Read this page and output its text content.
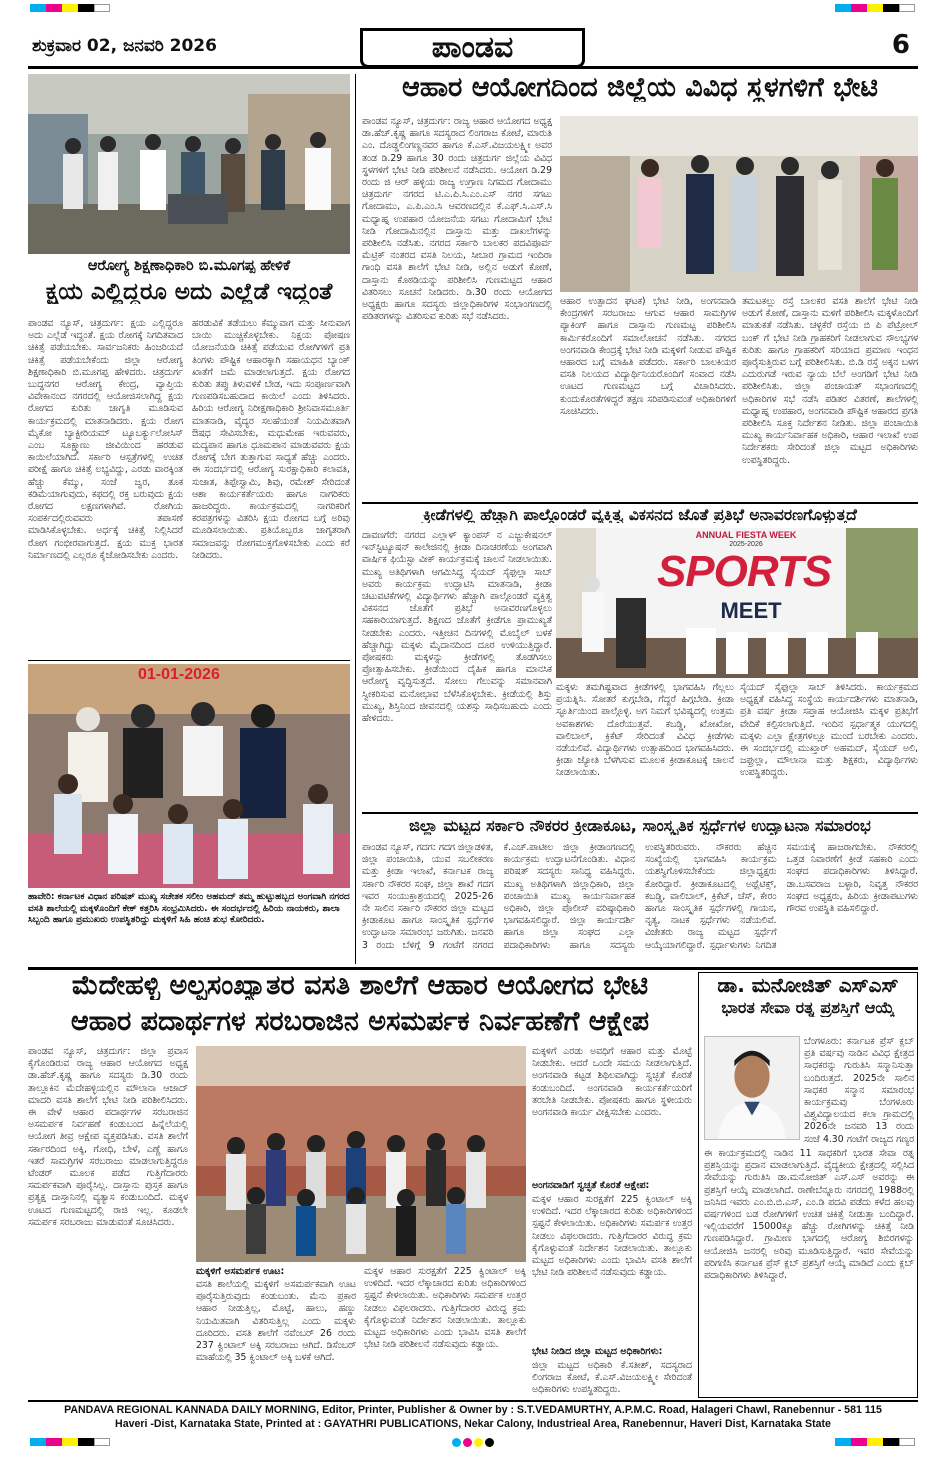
ಶುಕ್ರವಾರ 02, ಜನವರಿ 2026	ಪಾಂಡವ	6
ಆರೋಗ್ಯ ಶಿಕ್ಷಣಾಧಿಕಾರಿ ಬಿ.ಮೂಗಪ್ಪ ಹೇಳಿಕೆ
ಕ್ಷಯ ಎಲ್ಲಿದ್ದರೂ ಅದು ಎಲ್ಲೆಡೆ ಇದ್ದಂತೆ
ಪಾಂಡವ ನ್ಯೂಸ್, ಚಿತ್ರದುರ್ಗ: ಕ್ಷಯ ಎಲ್ಲಿದ್ದರೂ ಅದು ಎಲ್ಲೆಡೆ ಇದ್ದಂತೆ. ಕ್ಷಯ ರೋಗಕ್ಕೆ ನಿಗದಿತವಾದ ಚಿಕಿತ್ಸೆ ಪಡೆಯಬೇಕು. ಸಾರ್ವಜನಿಕರು ಹಿಂಜರಿಯದೆ ಚಿಕಿತ್ಸೆ ಪಡೆಯಬೇಕೆಂದು ಜಿಲ್ಲಾ ಆರೋಗ್ಯ ಶಿಕ್ಷಣಾಧಿಕಾರಿ ಬಿ.ಮೂಗಪ್ಪ ಹೇಳಿದರು. ಚಿತ್ರದುರ್ಗ ಬುದ್ಧನಗರ ಆರೋಗ್ಯ ಕೇಂದ್ರ, ವ್ಯಾಪ್ತಿಯ ವಿವೇಕಾನಂದ ನಗರದಲ್ಲಿ ಆಯೋಜಿಸಲಾಗಿದ್ದ ಕ್ಷಯ ರೋಗದ ಕುರಿತು ಜಾಗೃತಿ ಮೂಡಿಸುವ ಕಾರ್ಯಕ್ರಮದಲ್ಲಿ ಮಾತನಾಡಿದರು. ಕ್ಷಯ ರೋಗ ಮೈಕೋ ಬ್ಯಾಕ್ಟೀರಿಯಮ್ ಟ್ಯೂಬರ್ಕ್ಯುಲೋಸಿಸ್ ಎಂಬ ಸೂಕ್ಷ್ಮಾಣು ಜೀವಿಯಿಂದ ಹರಡುವ ಕಾಯಿಲೆಯಾಗಿದೆ. ಸರ್ಕಾರಿ ಆಸ್ಪತ್ರೆಗಳಲ್ಲಿ ಉಚಿತ ಪರೀಕ್ಷೆ ಹಾಗೂ ಚಿಕಿತ್ಸೆ ಲಭ್ಯವಿದ್ದು, ಎರಡು ವಾರಕ್ಕಿಂತ ಹೆಚ್ಚು ಕೆಮ್ಮು, ಸಂಜೆ ಜ್ವರ, ತೂಕ ಕಡಿಮೆಯಾಗುವುದು, ಕಫದಲ್ಲಿ ರಕ್ತ ಬರುವುದು ಕ್ಷಯ ರೋಗದ ಲಕ್ಷಣಗಳಾಗಿವೆ. ರೋಗಿಯ ಸಂಪರ್ಕದಲ್ಲಿರುವವರು ತಪಾಸಣೆ ಮಾಡಿಸಿಕೊಳ್ಳಬೇಕು. ಅರ್ಧಕ್ಕೆ ಚಿಕಿತ್ಸೆ ನಿಲ್ಲಿಸಿದರೆ ರೋಗ ಗಂಭೀರವಾಗುತ್ತದೆ. ಕ್ಷಯ ಮುಕ್ತ ಭಾರತ ನಿರ್ಮಾಣದಲ್ಲಿ ಎಲ್ಲರೂ ಕೈಜೋಡಿಸಬೇಕು ಎಂದರು.
ಹರಡುವಿಕೆ ತಡೆಯಲು ಕೆಮ್ಮುವಾಗ ಮತ್ತು ಸೀನುವಾಗ ಬಾಯಿ ಮುಚ್ಚಿಕೊಳ್ಳಬೇಕು. ನಿಕ್ಷಯ ಪೋಷಣ ಯೋಜನೆಯಡಿ ಚಿಕಿತ್ಸೆ ಪಡೆಯುವ ರೋಗಿಗಳಿಗೆ ಪ್ರತಿ ತಿಂಗಳು ಪೌಷ್ಟಿಕ ಆಹಾರಕ್ಕಾಗಿ ಸಹಾಯಧನ ಬ್ಯಾಂಕ್ ಖಾತೆಗೆ ಜಮೆ ಮಾಡಲಾಗುತ್ತದೆ. ಕ್ಷಯ ರೋಗದ ಕುರಿತು ತಪ್ಪು ತಿಳುವಳಿಕೆ ಬೇಡ, ಇದು ಸಂಪೂರ್ಣವಾಗಿ ಗುಣಪಡಿಸಬಹುದಾದ ಕಾಯಿಲೆ ಎಂದು ತಿಳಿಸಿದರು. ಹಿರಿಯ ಆರೋಗ್ಯ ನಿರೀಕ್ಷಣಾಧಿಕಾರಿ ಶ್ರೀನಿವಾಸಮೂರ್ತಿ ಮಾತನಾಡಿ, ವೈದ್ಯರ ಸಲಹೆಯಂತೆ ನಿಯಮಿತವಾಗಿ ಔಷಧ ಸೇವಿಸಬೇಕು, ಮಧುಮೇಹ ಇರುವವರು, ಮದ್ಯಪಾನ ಹಾಗೂ ಧೂಮಪಾನ ಮಾಡುವವರು ಕ್ಷಯ ರೋಗಕ್ಕೆ ಬೇಗ ತುತ್ತಾಗುವ ಸಾಧ್ಯತೆ ಹೆಚ್ಚು ಎಂದರು. ಈ ಸಂದರ್ಭದಲ್ಲಿ ಆರೋಗ್ಯ ಸುರಕ್ಷಾಧಿಕಾರಿ ಕಲಾವತಿ, ಸುಜಾತ, ತಿಪ್ಪೇಸ್ವಾಮಿ, ಶಿವು, ರಮೇಶ್ ಸೇರಿದಂತೆ ಆಶಾ ಕಾರ್ಯಕರ್ತೆಯರು ಹಾಗೂ ನಾಗರಿಕರು ಹಾಜರಿದ್ದರು. ಕಾರ್ಯಕ್ರಮದಲ್ಲಿ ನಾಗರಿಕರಿಗೆ ಕರಪತ್ರಗಳನ್ನು ವಿತರಿಸಿ ಕ್ಷಯ ರೋಗದ ಬಗ್ಗೆ ಅರಿವು ಮೂಡಿಸಲಾಯಿತು. ಪ್ರತಿಯೊಬ್ಬರೂ ಜಾಗೃತರಾಗಿ ಸಮಾಜವನ್ನು ರೋಗಮುಕ್ತಗೊಳಿಸಬೇಕು ಎಂದು ಕರೆ ನೀಡಿದರು.
ಆಹಾರ ಆಯೋಗದಿಂದ ಜಿಲ್ಲೆಯ ವಿವಿಧ ಸ್ಥಳಗಳಿಗೆ ಭೇಟಿ
ಪಾಂಡವ ನ್ಯೂಸ್, ಚಿತ್ರದುರ್ಗ: ರಾಜ್ಯ ಆಹಾರ ಆಯೋಗದ ಅಧ್ಯಕ್ಷ ಡಾ.ಹೆಚ್.ಕೃಷ್ಣ ಹಾಗೂ ಸದಸ್ಯರಾದ ಲಿಂಗರಾಜ ಕೋಟೆ, ಮಾರುತಿ ಎಂ. ದೊಡ್ಡಲಿಂಗಣ್ಣನವರ ಹಾಗೂ ಕೆ.ಎಸ್.ವಿಜಯಲಕ್ಷ್ಮೀ ಅವರ ತಂಡ ಡಿ.29 ಹಾಗೂ 30 ರಂದು ಚಿತ್ರದುರ್ಗ ಜಿಲ್ಲೆಯ ವಿವಿಧ ಸ್ಥಳಗಳಿಗೆ ಭೇಟಿ ನೀಡಿ ಪರಿಶೀಲನೆ ನಡೆಸಿದರು. ಆಯೋಗ ಡಿ.29 ರಂದು ಜಿ ಆರ್ ಹಳ್ಳಿಯ ರಾಜ್ಯ ಉಗ್ರಾಣ ನಿಗಮದ ಗೋದಾಮು ಚಿತ್ರದುರ್ಗ ನಗರದ ಟಿ.ಎ.ಪಿ.ಸಿ.ಎಂ.ಎಸ್ ನಗರ ಸಗಟು ಗೋದಾಮು, ಎ.ಪಿ.ಎಂ.ಸಿ ಆವರಣದಲ್ಲಿನ ಕೆ.ಎಫ್.ಸಿ.ಎಸ್.ಸಿ ಮಧ್ಯಾಹ್ನ ಉಪಹಾರ ಯೋಜನೆಯ ಸಗಟು ಗೋದಾಮಿಗೆ ಭೇಟಿ ನೀಡಿ ಗೋದಾಮಿನಲ್ಲಿನ ದಾಸ್ತಾನು ಮತ್ತು ದಾಖಲೆಗಳನ್ನು ಪರಿಶೀಲಿಸಿ ನಡೆಸಿತು. ನಗರದ ಸರ್ಕಾರಿ ಬಾಲಕರ ಪದವಿಪೂರ್ವ ಮೆಟ್ರಿಕ್ ನಂತರದ ವಸತಿ ನಿಲಯ, ಸೀಬಾರ ಗ್ರಾಮದ ಇಂದಿರಾ ಗಾಂಧಿ ವಸತಿ ಶಾಲೆಗೆ ಭೇಟಿ ನೀಡಿ, ಅಲ್ಲಿನ ಅಡುಗೆ ಕೋಣೆ, ದಾಸ್ತಾನು ಕೊಠಡಿಯನ್ನು ಪರಿಶೀಲಿಸಿ ಗುಣಮಟ್ಟದ ಆಹಾರ ವಿತರಿಸಲು ಸೂಚನೆ ನೀಡಿದರು. ಡಿ.30 ರಂದು ಆಯೋಗದ ಅಧ್ಯಕ್ಷರು ಹಾಗೂ ಸದಸ್ಯರು ಜಿಲ್ಲಾಧಿಕಾರಿಗಳ ಸಂಭಾಂಗಣದಲ್ಲಿ ಪಡಿತರಗಳನ್ನು ವಿತರಿಸುವ ಕುರಿತು ಸಭೆ ನಡೆಸಿದರು.
ಆಹಾರ ಉತ್ಪಾದನ ಘಟಕ) ಭೇಟಿ ನೀಡಿ, ಅಂಗನವಾಡಿ ಕೇಂದ್ರಗಳಿಗೆ ಸರಬರಾಜು ಆಗುವ ಆಹಾರ ಸಾಮಗ್ರಿಗಳ ಪ್ಯಾಕಿಂಗ್ ಹಾಗೂ ದಾಸ್ತಾನು ಗುಣಮಟ್ಟ ಪರಿಶೀಲಿಸಿ ಕಾರ್ಮಿಕರೊಂದಿಗೆ ಸಮಾಲೋಚನೆ ನಡೆಸಿತು. ನಗರದ ಅಂಗನವಾಡಿ ಕೇಂದ್ರಕ್ಕೆ ಭೇಟಿ ನೀಡಿ ಮಕ್ಕಳಿಗೆ ನೀಡುವ ಪೌಷ್ಟಿಕ ಆಹಾರದ ಬಗ್ಗೆ ಮಾಹಿತಿ ಪಡೆದರು. ಸರ್ಕಾರಿ ಬಾಲಕಿಯರ ವಸತಿ ನಿಲಯದ ವಿದ್ಯಾರ್ಥಿನಿಯರೊಂದಿಗೆ ಸಂವಾದ ನಡೆಸಿ ಊಟದ ಗುಣಮಟ್ಟದ ಬಗ್ಗೆ ವಿಚಾರಿಸಿದರು. ಕುಂದುಕೊರತೆಗಳಿದ್ದರೆ ತಕ್ಷಣ ಸರಿಪಡಿಸುವಂತೆ ಅಧಿಕಾರಿಗಳಿಗೆ ಸೂಚಿಸಿದರು.
ತಮಟಕಲ್ಲು ರಸ್ತೆ ಬಾಲಕರ ವಸತಿ ಶಾಲೆಗೆ ಭೇಟಿ ನೀಡಿ ಅಡುಗೆ ಕೋಣೆ, ದಾಸ್ತಾನು ಮಳಿಗೆ ಪರಿಶೀಲಿಸಿ ಮಕ್ಕಳೊಂದಿಗೆ ಮಾತುಕತೆ ನಡೆಸಿತು. ಚಳ್ಳಕೆರೆ ರಸ್ತೆಯ ಬಿ ಪಿ ಪೆಟ್ರೋಲ್ ಬಂಕ್ ಗೆ ಭೇಟಿ ನೀಡಿ ಗ್ರಾಹಕರಿಗೆ ನೀಡಲಾಗುವ ಸೌಲಭ್ಯಗಳ ಕುರಿತು ಹಾಗೂ ಗ್ರಾಹಕರಿಗೆ ಸರಿಯಾದ ಪ್ರಮಾಣ ಇಂಧನ ಪೂರೈಸುತ್ತಿರುವ ಬಗ್ಗೆ ಪರಿಶೀಲಿಸಿತು. ಬಿ.ಡಿ ರಸ್ತೆ ಅಕ್ಕನ ಬಳಗ ಎದುರುಗಡೆ ಇರುವ ನ್ಯಾಯ ಬೆಲೆ ಅಂಗಡಿಗೆ ಭೇಟಿ ನೀಡಿ ಪರಿಶೀಲಿಸಿತು. ಜಿಲ್ಲಾ ಪಂಚಾಯತ್ ಸಭಾಂಗಣದಲ್ಲಿ ಅಧಿಕಾರಿಗಳ ಸಭೆ ನಡೆಸಿ ಪಡಿತರ ವಿತರಣೆ, ಶಾಲೆಗಳಲ್ಲಿ ಮಧ್ಯಾಹ್ನ ಉಪಹಾರ, ಅಂಗನವಾಡಿ ಪೌಷ್ಟಿಕ ಆಹಾರದ ಪ್ರಗತಿ ಪರಿಶೀಲಿಸಿ ಸೂಕ್ತ ನಿರ್ದೇಶನ ನೀಡಿತು. ಜಿಲ್ಲಾ ಪಂಚಾಯಿತಿ ಮುಖ್ಯ ಕಾರ್ಯನಿರ್ವಾಹಕ ಅಧಿಕಾರಿ, ಆಹಾರ ಇಲಾಖೆ ಉಪ ನಿರ್ದೇಶಕರು ಸೇರಿದಂತೆ ಜಿಲ್ಲಾ ಮಟ್ಟದ ಅಧಿಕಾರಿಗಳು ಉಪಸ್ಥಿತರಿದ್ದರು.
ಕ್ರೀಡೆಗಳಲ್ಲಿ ಹೆಚ್ಚಾಗಿ ಪಾಲ್ಗೊಂಡರೆ ವ್ಯಕ್ತಿತ್ವ ವಿಕಸನದ ಜೊತೆ ಪ್ರತಿಭೆ ಅನಾವರಣಗೊಳ್ಳುತ್ತದೆ
ದಾವಣಗೆರೆ: ನಗರದ ಎಲ್ಲಾಳ್ ಕ್ಯಾಂಪಸ್ ನ ಎಜ್ಜುಕೇಷನಲ್ ಇನ್‌ಸ್ಟಿಟ್ಯೂಷನ್ ಕಾಲೇಜಿನಲ್ಲಿ ಕ್ರೀಡಾ ದಿನಾಚರಣೆಯ ಅಂಗವಾಗಿ ವಾರ್ಷಿಕ ಫಿಯೆಸ್ಟಾ ವೀಕ್ ಕಾರ್ಯಕ್ರಮಕ್ಕೆ ಚಾಲನೆ ನೀಡಲಾಯಿತು. ಮುಖ್ಯ ಅತಿಥಿಗಳಾಗಿ ಆಗಮಿಸಿದ್ದ ಸೈಯದ್ ಸೈಫುಲ್ಲಾ ಸಾಬ್ ಅವರು ಕಾರ್ಯಕ್ರಮ ಉದ್ಘಾಟಿಸಿ ಮಾತನಾಡಿ, ಕ್ರೀಡಾ ಚಟುವಟಿಕೆಗಳಲ್ಲಿ ವಿದ್ಯಾರ್ಥಿಗಳು ಹೆಚ್ಚಾಗಿ ಪಾಲ್ಗೊಂಡರೆ ವ್ಯಕ್ತಿತ್ವ ವಿಕಸನದ ಜೊತೆಗೆ ಪ್ರತಿಭೆ ಅನಾವರಣಗೊಳ್ಳಲು ಸಹಕಾರಿಯಾಗುತ್ತದೆ. ಶಿಕ್ಷಣದ ಜೊತೆಗೆ ಕ್ರೀಡೆಗೂ ಪ್ರಾಮುಖ್ಯತೆ ನೀಡಬೇಕು ಎಂದರು. ಇತ್ತೀಚಿನ ದಿನಗಳಲ್ಲಿ ಮೊಬೈಲ್ ಬಳಕೆ ಹೆಚ್ಚಾಗಿದ್ದು ಮಕ್ಕಳು ಮೈದಾನದಿಂದ ದೂರ ಉಳಿಯುತ್ತಿದ್ದಾರೆ. ಪೋಷಕರು ಮಕ್ಕಳನ್ನು ಕ್ರೀಡೆಗಳಲ್ಲಿ ತೊಡಗಿಸಲು ಪ್ರೋತ್ಸಾಹಿಸಬೇಕು. ಕ್ರೀಡೆಯಿಂದ ದೈಹಿಕ ಹಾಗೂ ಮಾನಸಿಕ ಆರೋಗ್ಯ ವೃದ್ಧಿಸುತ್ತದೆ. ಸೋಲು ಗೆಲುವನ್ನು ಸಮಾನವಾಗಿ ಸ್ವೀಕರಿಸುವ ಮನೋಭಾವ ಬೆಳೆಸಿಕೊಳ್ಳಬೇಕು. ಕ್ರೀಡೆಯಲ್ಲಿ ಶಿಸ್ತು ಮುಖ್ಯ, ಶಿಸ್ತಿನಿಂದ ಜೀವನದಲ್ಲಿ ಯಶಸ್ಸು ಸಾಧಿಸಬಹುದು ಎಂದು ಹೇಳಿದರು.
ANNUAL FIESTA WEEK
2025-2026
SPORTS
MEET
ಮಕ್ಕಳು ತಮಗಿಷ್ಟವಾದ ಕ್ರೀಡೆಗಳಲ್ಲಿ ಭಾಗವಹಿಸಿ ಗೆಲ್ಲಲು ಪ್ರಯತ್ನಿಸಿ. ಸೋತರೆ ಕುಗ್ಗಬೇಡಿ, ಗೆದ್ದರೆ ಹಿಗ್ಗಬೇಡಿ. ಕ್ರೀಡಾ ಸ್ಫೂರ್ತಿಯಿಂದ ಪಾಲ್ಗೊಳ್ಳಿ. ಅಗ ನಿಮಗೆ ಭವಿಷ್ಯದಲ್ಲಿ ಉತ್ತಮ ಅವಕಾಶಗಳು ದೊರೆಯುತ್ತವೆ. ಕಬಡ್ಡಿ, ಖೋಖೋ, ವಾಲಿಬಾಲ್, ಕ್ರಿಕೆಟ್ ಸೇರಿದಂತೆ ವಿವಿಧ ಕ್ರೀಡೆಗಳು ನಡೆಯಲಿವೆ. ವಿದ್ಯಾರ್ಥಿಗಳು ಉತ್ಸಾಹದಿಂದ ಭಾಗವಹಿಸಿದರು. ಕ್ರೀಡಾ ಜ್ಯೋತಿ ಬೆಳಗಿಸುವ ಮೂಲಕ ಕ್ರೀಡಾಕೂಟಕ್ಕೆ ಚಾಲನೆ ನೀಡಲಾಯಿತು.
ಸೈಯದ್ ಸೈಫುಲ್ಲಾ ಸಾಬ್ ತಿಳಿಸಿದರು. ಕಾರ್ಯಕ್ರಮದ ಅಧ್ಯಕ್ಷತೆ ವಹಿಸಿದ್ದ ಸಂಸ್ಥೆಯ ಕಾರ್ಯದರ್ಶಿಗಳು ಮಾತನಾಡಿ, ಪ್ರತಿ ವರ್ಷ ಕ್ರೀಡಾ ಸಪ್ತಾಹ ಆಯೋಜಿಸಿ ಮಕ್ಕಳ ಪ್ರತಿಭೆಗೆ ವೇದಿಕೆ ಕಲ್ಪಿಸಲಾಗುತ್ತಿದೆ. ಇಂದಿನ ಸ್ಪರ್ಧಾತ್ಮಕ ಯುಗದಲ್ಲಿ ಮಕ್ಕಳು ಎಲ್ಲಾ ಕ್ಷೇತ್ರಗಳಲ್ಲೂ ಮುಂದೆ ಬರಬೇಕು ಎಂದರು. ಈ ಸಂದರ್ಭದಲ್ಲಿ ಮುಖ್ತಾರ್ ಅಹಮದ್, ಸೈಯದ್ ಅಲಿ, ಜಫ್ರುಲ್ಲಾ, ಮೌಲಾನಾ ಮತ್ತು ಶಿಕ್ಷಕರು, ವಿದ್ಯಾರ್ಥಿಗಳು ಉಪಸ್ಥಿತರಿದ್ದರು.
01-01-2026
ಹಾವೇರಿ: ಕರ್ನಾಟಕ ವಿಧಾನ ಪರಿಷತ್ ಮುಖ್ಯ ಸಚೇತಕ ಸಲೀಂ ಅಹಮದ್ ತಮ್ಮ ಹುಟ್ಟುಹಬ್ಬದ ಅಂಗವಾಗಿ ನಗರದ ವಸತಿ ಶಾಲೆಯಲ್ಲಿ ಮಕ್ಕಳೊಂದಿಗೆ ಕೇಕ್ ಕತ್ತರಿಸಿ ಸಂಭ್ರಮಿಸಿದರು. ಈ ಸಂದರ್ಭದಲ್ಲಿ ಹಿರಿಯ ನಾಯಕರು, ಶಾಲಾ ಸಿಬ್ಬಂದಿ ಹಾಗೂ ಪ್ರಮುಖರು ಉಪಸ್ಥಿತರಿದ್ದು ಮಕ್ಕಳಿಗೆ ಸಿಹಿ ಹಂಚಿ ಶುಭ ಕೋರಿದರು.
ಜಿಲ್ಲಾ ಮಟ್ಟದ ಸರ್ಕಾರಿ ನೌಕರರ ಕ್ರೀಡಾಕೂಟ, ಸಾಂಸ್ಕೃತಿಕ ಸ್ಪರ್ಧೆಗಳ ಉದ್ಘಾಟನಾ ಸಮಾರಂಭ
ಪಾಂಡವ ನ್ಯೂಸ್, ಗದಗ: ಗದಗ ಜಿಲ್ಲಾಡಳಿತ, ಜಿಲ್ಲಾ ಪಂಚಾಯಿತಿ, ಯುವ ಸಬಲೀಕರಣ ಮತ್ತು ಕ್ರೀಡಾ ಇಲಾಖೆ, ಕರ್ನಾಟಕ ರಾಜ್ಯ ಸರ್ಕಾರಿ ನೌಕರರ ಸಂಘ, ಜಿಲ್ಲಾ ಶಾಖೆ ಗದಗ ಇವರ ಸಂಯುಕ್ತಾಶ್ರಯದಲ್ಲಿ 2025-26 ನೇ ಸಾಲಿನ ಸರ್ಕಾರಿ ನೌಕರರ ಜಿಲ್ಲಾ ಮಟ್ಟದ ಕ್ರೀಡಾಕೂಟ ಹಾಗೂ ಸಾಂಸ್ಕೃತಿಕ ಸ್ಪರ್ಧೆಗಳ ಉದ್ಘಾಟನಾ ಸಮಾರಂಭ ಜರುಗಿತು. ಜನವರಿ 3 ರಂದು ಬೆಳಿಗ್ಗೆ 9 ಗಂಟೆಗೆ ನಗರದ ಕೆ.ಎಚ್.ಪಾಟೀಲ ಜಿಲ್ಲಾ ಕ್ರೀಡಾಂಗಣದಲ್ಲಿ ಕಾರ್ಯಕ್ರಮ ಉದ್ಘಾಟನೆಗೊಂಡಿತು. ವಿಧಾನ ಪರಿಷತ್ ಸದಸ್ಯರು ಸಾನಿಧ್ಯ ವಹಿಸಿದ್ದರು. ಮುಖ್ಯ ಅತಿಥಿಗಳಾಗಿ ಜಿಲ್ಲಾಧಿಕಾರಿ, ಜಿಲ್ಲಾ ಪಂಚಾಯಿತಿ ಮುಖ್ಯ ಕಾರ್ಯನಿರ್ವಾಹಕ ಅಧಿಕಾರಿ, ಜಿಲ್ಲಾ ಪೊಲೀಸ್ ವರಿಷ್ಠಾಧಿಕಾರಿ ಭಾಗವಹಿಸಲಿದ್ದಾರೆ. ಜಿಲ್ಲಾ ಕಾರ್ಯದರ್ಶಿ ಹಾಗೂ ಜಿಲ್ಲಾ ಸಂಘದ ಎಲ್ಲಾ ಪದಾಧಿಕಾರಿಗಳು ಹಾಗೂ ಸದಸ್ಯರು ಉಪಸ್ಥಿತರಿರುವರು. ನೌಕರರು ಹೆಚ್ಚಿನ ಸಂಖ್ಯೆಯಲ್ಲಿ ಭಾಗವಹಿಸಿ ಕಾರ್ಯಕ್ರಮ ಯಶಸ್ವಿಗೊಳಿಸಬೇಕೆಂದು ಜಿಲ್ಲಾಧ್ಯಕ್ಷರು ಕೋರಿದ್ದಾರೆ. ಕ್ರೀಡಾಕೂಟದಲ್ಲಿ ಅಥ್ಲೆಟಿಕ್ಸ್, ಕಬಡ್ಡಿ, ವಾಲಿಬಾಲ್, ಕ್ರಿಕೆಟ್, ಚೆಸ್, ಕೇರಂ ಹಾಗೂ ಸಾಂಸ್ಕೃತಿಕ ಸ್ಪರ್ಧೆಗಳಲ್ಲಿ ಗಾಯನ, ನೃತ್ಯ, ನಾಟಕ ಸ್ಪರ್ಧೆಗಳು ನಡೆಯಲಿವೆ. ವಿಜೇತರು ರಾಜ್ಯ ಮಟ್ಟದ ಸ್ಪರ್ಧೆಗೆ ಆಯ್ಕೆಯಾಗಲಿದ್ದಾರೆ. ಸ್ಪರ್ಧಾಳುಗಳು ನಿಗದಿತ ಸಮಯಕ್ಕೆ ಹಾಜರಾಗಬೇಕು. ನೌಕರರಲ್ಲಿ ಒತ್ತಡ ನಿವಾರಣೆಗೆ ಕ್ರೀಡೆ ಸಹಕಾರಿ ಎಂದು ಸಂಘದ ಪದಾಧಿಕಾರಿಗಳು ತಿಳಿಸಿದ್ದಾರೆ. ಡಾ.ಬಸವರಾಜ ಬಳ್ಳಾರಿ, ನಿವೃತ್ತ ನೌಕರರ ಸಂಘದ ಅಧ್ಯಕ್ಷರು, ಹಿರಿಯ ಕ್ರೀಡಾಪಟುಗಳು ಗೌರವ ಉಪಸ್ಥಿತಿ ವಹಿಸಲಿದ್ದಾರೆ.
ಮೆದೇಹಳ್ಳಿ ಅಲ್ಪಸಂಖ್ಯಾತರ ವಸತಿ ಶಾಲೆಗೆ ಆಹಾರ ಆಯೋಗದ ಭೇಟಿ
ಆಹಾರ ಪದಾರ್ಥಗಳ ಸರಬರಾಜಿನ ಅಸಮರ್ಪಕ ನಿರ್ವಹಣೆಗೆ ಆಕ್ಷೇಪ
ಪಾಂಡವ ನ್ಯೂಸ್, ಚಿತ್ರದುರ್ಗ: ಜಿಲ್ಲಾ ಪ್ರವಾಸ ಕೈಗೊಂಡಿರುವ ರಾಜ್ಯ ಆಹಾರ ಆಯೋಗದ ಅಧ್ಯಕ್ಷ ಡಾ.ಹೆಚ್.ಕೃಷ್ಣ ಹಾಗೂ ಸದಸ್ಯರು ಡಿ.30 ರಂದು ತಾಲ್ಲೂಕಿನ ಮೆದೇಹಳ್ಳಿಯಲ್ಲಿನ ಮೌಲಾನಾ ಆಜಾದ್ ಮಾದರಿ ವಸತಿ ಶಾಲೆಗೆ ಭೇಟಿ ನೀಡಿ ಪರಿಶೀಲಿಸಿದರು. ಈ ವೇಳೆ ಆಹಾರ ಪದಾರ್ಥಗಳ ಸರಬರಾಜಿನ ಅಸಮರ್ಪಕ ನಿರ್ವಹಣೆ ಕಂಡುಬಂದ ಹಿನ್ನೆಲೆಯಲ್ಲಿ ಆಯೋಗ ತೀವ್ರ ಆಕ್ಷೇಪ ವ್ಯಕ್ತಪಡಿಸಿತು. ವಸತಿ ಶಾಲೆಗೆ ಸರ್ಕಾರದಿಂದ ಅಕ್ಕಿ, ಗೋಧಿ, ಬೇಳೆ, ಎಣ್ಣೆ ಹಾಗೂ ಇತರೆ ಸಾಮಗ್ರಿಗಳ ಸರಬರಾಜು ಮಾಡಲಾಗುತ್ತಿದ್ದರೂ ಟೆಂಡರ್ ಮೂಲಕ ಪಡೆದ ಗುತ್ತಿಗೆದಾರರು ಸಮರ್ಪಕವಾಗಿ ಪೂರೈಸಿಲ್ಲ. ದಾಸ್ತಾನು ಪುಸ್ತಕ ಹಾಗೂ ಪ್ರತ್ಯಕ್ಷ ದಾಸ್ತಾನಿನಲ್ಲಿ ವ್ಯತ್ಯಾಸ ಕಂಡುಬಂದಿದೆ. ಮಕ್ಕಳ ಊಟದ ಗುಣಮಟ್ಟದಲ್ಲಿ ರಾಜಿ ಇಲ್ಲ. ಕೂಡಲೇ ಸಮರ್ಪಕ ಸರಬರಾಜು ಮಾಡುವಂತೆ ಸೂಚಿಸಿದರು.
ಮಕ್ಕಳಿಗೆ ಅಸಮರ್ಪಕ ಊಟ:
ವಸತಿ ಶಾಲೆಯಲ್ಲಿ ಮಕ್ಕಳಿಗೆ ಅಸಮರ್ಪಕವಾಗಿ ಊಟ ಪೂರೈಸುತ್ತಿರುವುದು ಕಂಡುಬಂತು. ಮೆನು ಪ್ರಕಾರ ಆಹಾರ ನೀಡುತ್ತಿಲ್ಲ, ಮೊಟ್ಟೆ, ಹಾಲು, ಹಣ್ಣು ನಿಯಮಿತವಾಗಿ ವಿತರಿಸುತ್ತಿಲ್ಲ ಎಂದು ಮಕ್ಕಳು ದೂರಿದರು. ವಸತಿ ಶಾಲೆಗೆ ನವೆಂಬರ್ 26 ರಂದು 237 ಕ್ವಿಂಟಾಲ್ ಅಕ್ಕಿ ಸರಬರಾಜು ಆಗಿದೆ. ಡಿಸೆಂಬರ್ ಮಾಹೆಯಲ್ಲಿ 35 ಕ್ವಿಂಟಾಲ್ ಅಕ್ಕಿ ಬಳಕೆ ಆಗಿದೆ.
ಮಕ್ಕಳ ಆಹಾರ ಸುರಕ್ಷತೆಗೆ 225 ಕ್ವಿಂಟಾಲ್ ಅಕ್ಕಿ ಉಳಿದಿದೆ. ಇದರ ಲೆಕ್ಕಾಚಾರದ ಕುರಿತು ಅಧಿಕಾರಿಗಳಿಂದ ಸ್ಪಷ್ಟನೆ ಕೇಳಲಾಯಿತು. ಅಧಿಕಾರಿಗಳು ಸಮರ್ಪಕ ಉತ್ತರ ನೀಡಲು ವಿಫಲರಾದರು. ಗುತ್ತಿಗೆದಾರರ ವಿರುದ್ಧ ಕ್ರಮ ಕೈಗೊಳ್ಳುವಂತೆ ನಿರ್ದೇಶನ ನೀಡಲಾಯಿತು. ತಾಲ್ಲೂಕು ಮಟ್ಟದ ಅಧಿಕಾರಿಗಳು ಎಂದು ಭಾವಿಸಿ ವಸತಿ ಶಾಲೆಗೆ ಭೇಟಿ ನೀಡಿ ಪರಿಶೀಲನೆ ನಡೆಸುವುದು ಕಡ್ಡಾಯ.
ಮಕ್ಕಳಿಗೆ ಎರಡು ಅವಧಿಗೆ ಆಹಾರ ಮತ್ತು ಮೊಟ್ಟೆ ನೀಡಬೇಕು. ಆದರೆ ಒಂದೇ ಸಮಯ ನೀಡಲಾಗುತ್ತಿದೆ. ಅಂಗನವಾಡಿ ಕಟ್ಟಡ ಶಿಥಿಲವಾಗಿದ್ದು ಸ್ವಚ್ಛತೆ ಕೊರತೆ ಕಂಡುಬಂದಿದೆ. ಅಂಗನವಾಡಿ ಕಾರ್ಯಕರ್ತೆಯರಿಗೆ ತರಬೇತಿ ನೀಡಬೇಕು. ಪೋಷಕರು ಹಾಗೂ ಸ್ಥಳೀಯರು ಅಂಗನವಾಡಿ ಕಾರ್ಯ ವೀಕ್ಷಿಸಬೇಕು ಎಂದರು.
ಅಂಗನವಾಡಿಗೆ ಸ್ವಚ್ಛತೆ ಕೊರತೆ ಆಕ್ಷೇಪ:
ಮಕ್ಕಳ ಆಹಾರ ಸುರಕ್ಷತೆಗೆ 225 ಕ್ವಿಂಟಾಲ್ ಅಕ್ಕಿ ಉಳಿದಿದೆ. ಇದರ ಲೆಕ್ಕಾಚಾರದ ಕುರಿತು ಅಧಿಕಾರಿಗಳಿಂದ ಸ್ಪಷ್ಟನೆ ಕೇಳಲಾಯಿತು. ಅಧಿಕಾರಿಗಳು ಸಮರ್ಪಕ ಉತ್ತರ ನೀಡಲು ವಿಫಲರಾದರು. ಗುತ್ತಿಗೆದಾರರ ವಿರುದ್ಧ ಕ್ರಮ ಕೈಗೊಳ್ಳುವಂತೆ ನಿರ್ದೇಶನ ನೀಡಲಾಯಿತು. ತಾಲ್ಲೂಕು ಮಟ್ಟದ ಅಧಿಕಾರಿಗಳು ಎಂದು ಭಾವಿಸಿ ವಸತಿ ಶಾಲೆಗೆ ಭೇಟಿ ನೀಡಿ ಪರಿಶೀಲನೆ ನಡೆಸುವುದು ಕಡ್ಡಾಯ.
ಭೇಟಿ ನೀಡಿದ ಜಿಲ್ಲಾ ಮಟ್ಟದ ಅಧಿಕಾರಿಗಳು:
ಜಿಲ್ಲಾ ಮಟ್ಟದ ಅಧಿಕಾರಿ ಕೆ.ಸತೀಶ್, ಸದಸ್ಯರಾದ ಲಿಂಗರಾಜ ಕೋಟೆ, ಕೆ.ಎಸ್.ವಿಜಯಲಕ್ಷ್ಮೀ ಸೇರಿದಂತೆ ಅಧಿಕಾರಿಗಳು ಉಪಸ್ಥಿತರಿದ್ದರು.
ಡಾ. ಮನೋಜಿತ್ ಎಸ್‌ಎಸ್
ಭಾರತ ಸೇವಾ ರತ್ನ ಪ್ರಶಸ್ತಿಗೆ ಆಯ್ಕೆ
ಬೆಂಗಳೂರು: ಕರ್ನಾಟಕ ಪ್ರೆಸ್ ಕ್ಲಬ್ ಪ್ರತಿ ವರ್ಷವು ನಾಡಿನ ವಿವಿಧ ಕ್ಷೇತ್ರದ ಸಾಧಕರನ್ನು ಗುರುತಿಸಿ ಸನ್ಮಾನಿಸುತ್ತಾ ಬಂದಿರುತ್ತದೆ. 2025ನೇ ಸಾಲಿನ ಸಾಧಕರ ಸನ್ಮಾನ ಸಮಾರಂಭ ಕಾರ್ಯಕ್ರಮವು ಬೆಂಗಳೂರು ವಿಶ್ವವಿದ್ಯಾಲಯದ ಕಲಾ ಗ್ರಾಮದಲ್ಲಿ 2026ನೇ ಜನವರಿ 13 ರಂದು ಸಂಜೆ 4.30 ಗಂಟೆಗೆ ರಾಜ್ಯದ ಗಣ್ಯರ
ಈ ಕಾರ್ಯಕ್ರಮದಲ್ಲಿ ನಾಡಿನ 11 ಸಾಧಕರಿಗೆ ಭಾರತ ಸೇವಾ ರತ್ನ ಪ್ರಶಸ್ತಿಯನ್ನು ಪ್ರದಾನ ಮಾಡಲಾಗುತ್ತಿದೆ. ವೈದ್ಯಕೀಯ ಕ್ಷೇತ್ರದಲ್ಲಿ ಸಲ್ಲಿಸಿದ ಸೇವೆಯನ್ನು ಗುರುತಿಸಿ ಡಾ.ಮನೋಜಿತ್ ಎಸ್.ಎಸ್ ಅವರನ್ನು ಈ ಪ್ರಶಸ್ತಿಗೆ ಆಯ್ಕೆ ಮಾಡಲಾಗಿದೆ. ರಾಣೇಬೆನ್ನೂರು ನಗರದಲ್ಲಿ 1988ರಲ್ಲಿ ಜನಿಸಿದ ಇವರು ಎಂ.ಬಿ.ಬಿ.ಎಸ್, ಎಂ.ಡಿ ಪದವಿ ಪಡೆದು ಕಳೆದ ಹಲವು ವರ್ಷಗಳಿಂದ ಬಡ ರೋಗಿಗಳಿಗೆ ಉಚಿತ ಚಿಕಿತ್ಸೆ ನೀಡುತ್ತಾ ಬಂದಿದ್ದಾರೆ. ಇಲ್ಲಿಯವರೆಗೆ 15000ಕ್ಕೂ ಹೆಚ್ಚು ರೋಗಿಗಳನ್ನು ಚಿಕಿತ್ಸೆ ನೀಡಿ ಗುಣಪಡಿಸಿದ್ದಾರೆ. ಗ್ರಾಮೀಣ ಭಾಗದಲ್ಲಿ ಆರೋಗ್ಯ ಶಿಬಿರಗಳನ್ನು ಆಯೋಜಿಸಿ ಜನರಲ್ಲಿ ಅರಿವು ಮೂಡಿಸುತ್ತಿದ್ದಾರೆ. ಇವರ ಸೇವೆಯನ್ನು ಪರಿಗಣಿಸಿ ಕರ್ನಾಟಕ ಪ್ರೆಸ್ ಕ್ಲಬ್ ಪ್ರಶಸ್ತಿಗೆ ಆಯ್ಕೆ ಮಾಡಿದೆ ಎಂದು ಕ್ಲಬ್ ಪದಾಧಿಕಾರಿಗಳು ತಿಳಿಸಿದ್ದಾರೆ.
PANDAVA REGIONAL KANNADA DAILY MORNING, Editor, Printer, Publisher & Owner by : S.T.VEDAMURTHY, A.P.M.C. Road, Halageri Chawl, Ranebennur - 581 115
Haveri -Dist, Karnataka State, Printed at : GAYATHRI PUBLICATIONS, Nekar Calony, Industrieal Area, Ranebennur, Haveri Dist, Karnataka State
